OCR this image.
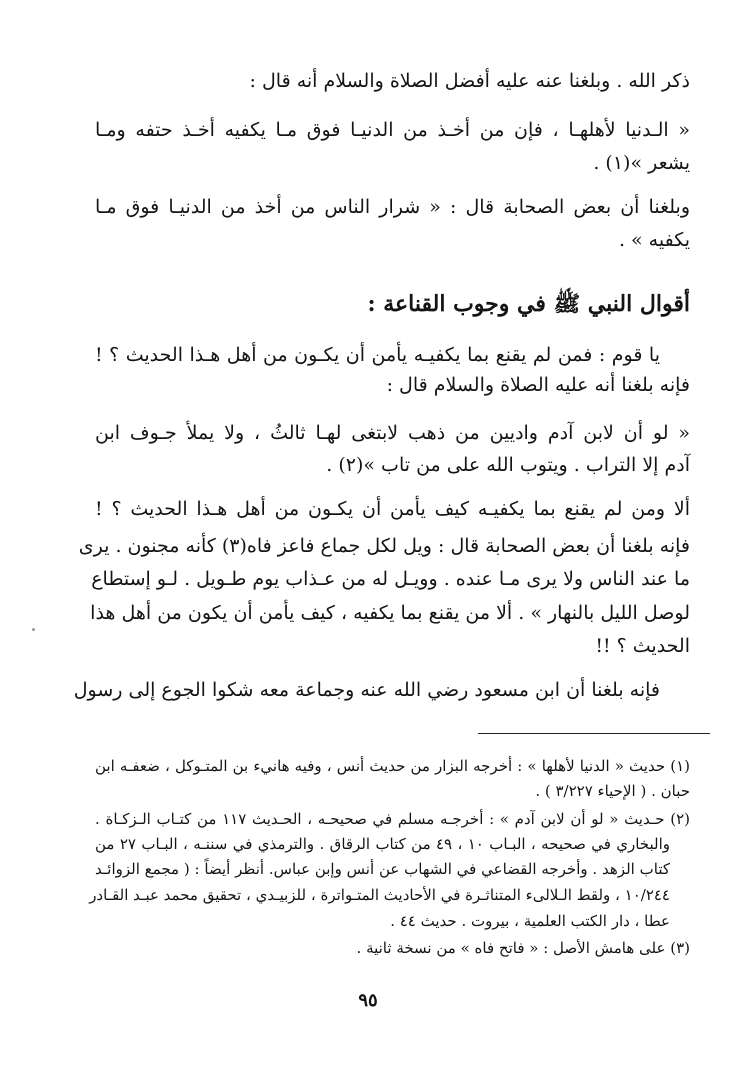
ذكر الله . وبلغنا عنه عليه أفضل الصلاة والسلام أنه قال :
« الـدنيا لأهلهـا ، فإن من أخـذ من الدنيـا فوق مـا يكفيه أخـذ حتفه ومـا
يشعر »(١) .
وبلغنا أن بعض الصحابة قال : « شرار الناس من أخذ من الدنيـا فوق مـا
يكفيه » .
أقوال النبي ﷺ في وجوب القناعة :
يا قوم : فمن لم يقنع بما يكفيـه يأمن أن يكـون من أهل هـذا الحديث ؟ !
فإنه بلغنا أنه عليه الصلاة والسلام قال :
« لو أن لابن آدم واديين من ذهب لابتغى لهـا ثالثُ ، ولا يملأ جـوف ابن
آدم إلا التراب . ويتوب الله على من تاب »(٢) .
ألا ومن لم يقنع بما يكفيـه كيف يأمن أن يكـون من أهل هـذا الحديث ؟ !
فإنه بلغنا أن بعض الصحابة قال : ويل لكل جماع فاعز فاه(٣) كأنه مجنون . يرى
ما عند الناس ولا يرى مـا عنده . وويـل له من عـذاب يوم طـويل . لـو إستطاع
لوصل الليل بالنهار » . ألا من يقنع بما يكفيه ، كيف يأمن أن يكون من أهل هذا
الحديث ؟ !!
فإنه بلغنا أن ابن مسعود رضي الله عنه وجماعة معه شكوا الجوع إلى رسول
(١) حديث « الدنيا لأهلها » : أخرجه البزار من حديث أنس ، وفيه هانيء بن المتـوكل ، ضعفـه ابن
حبان . ( الإحياء ٣/٢٢٧ ) .
(٢) حـديث « لو أن لابن آدم » : أخرجـه مسلم في صحيحـه ، الحـديث ١١٧ من كتـاب الـزكـاة .
والبخاري في صحيحه ، البـاب ١٠ ، ٤٩ من كتاب الرقاق . والترمذي في سننـه ، البـاب ٢٧ من
كتاب الزهد . وأخرجه القضاعي في الشهاب عن أنس وإبن عباس. أنظر أيضاً : ( مجمع الزوائـد
١٠/٢٤٤ ، ولقط الـلالىء المتناثـرة في الأحاديث المتـواترة ، للزبيـدي ، تحقيق محمد عبـد القـادر
عطا ، دار الكتب العلمية ، بيروت . حديث ٤٤ .
(٣) على هامش الأصل : « فاتح فاه » من نسخة ثانية .
٩٥
